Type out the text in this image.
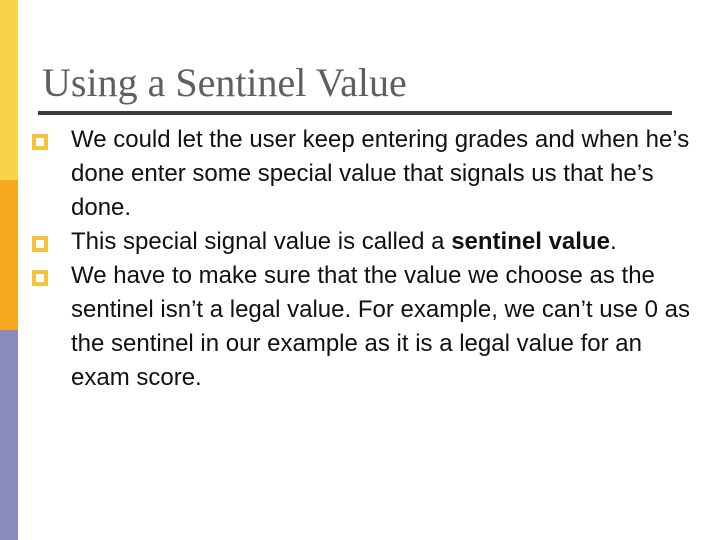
Using a Sentinel Value
We could let the user keep entering grades and when he’s done enter some special value that signals us that he’s done.
This special signal value is called a sentinel value.
We have to make sure that the value we choose as the sentinel isn’t a legal value. For example, we can’t use 0 as the sentinel in our example as it is a legal value for an exam score.
